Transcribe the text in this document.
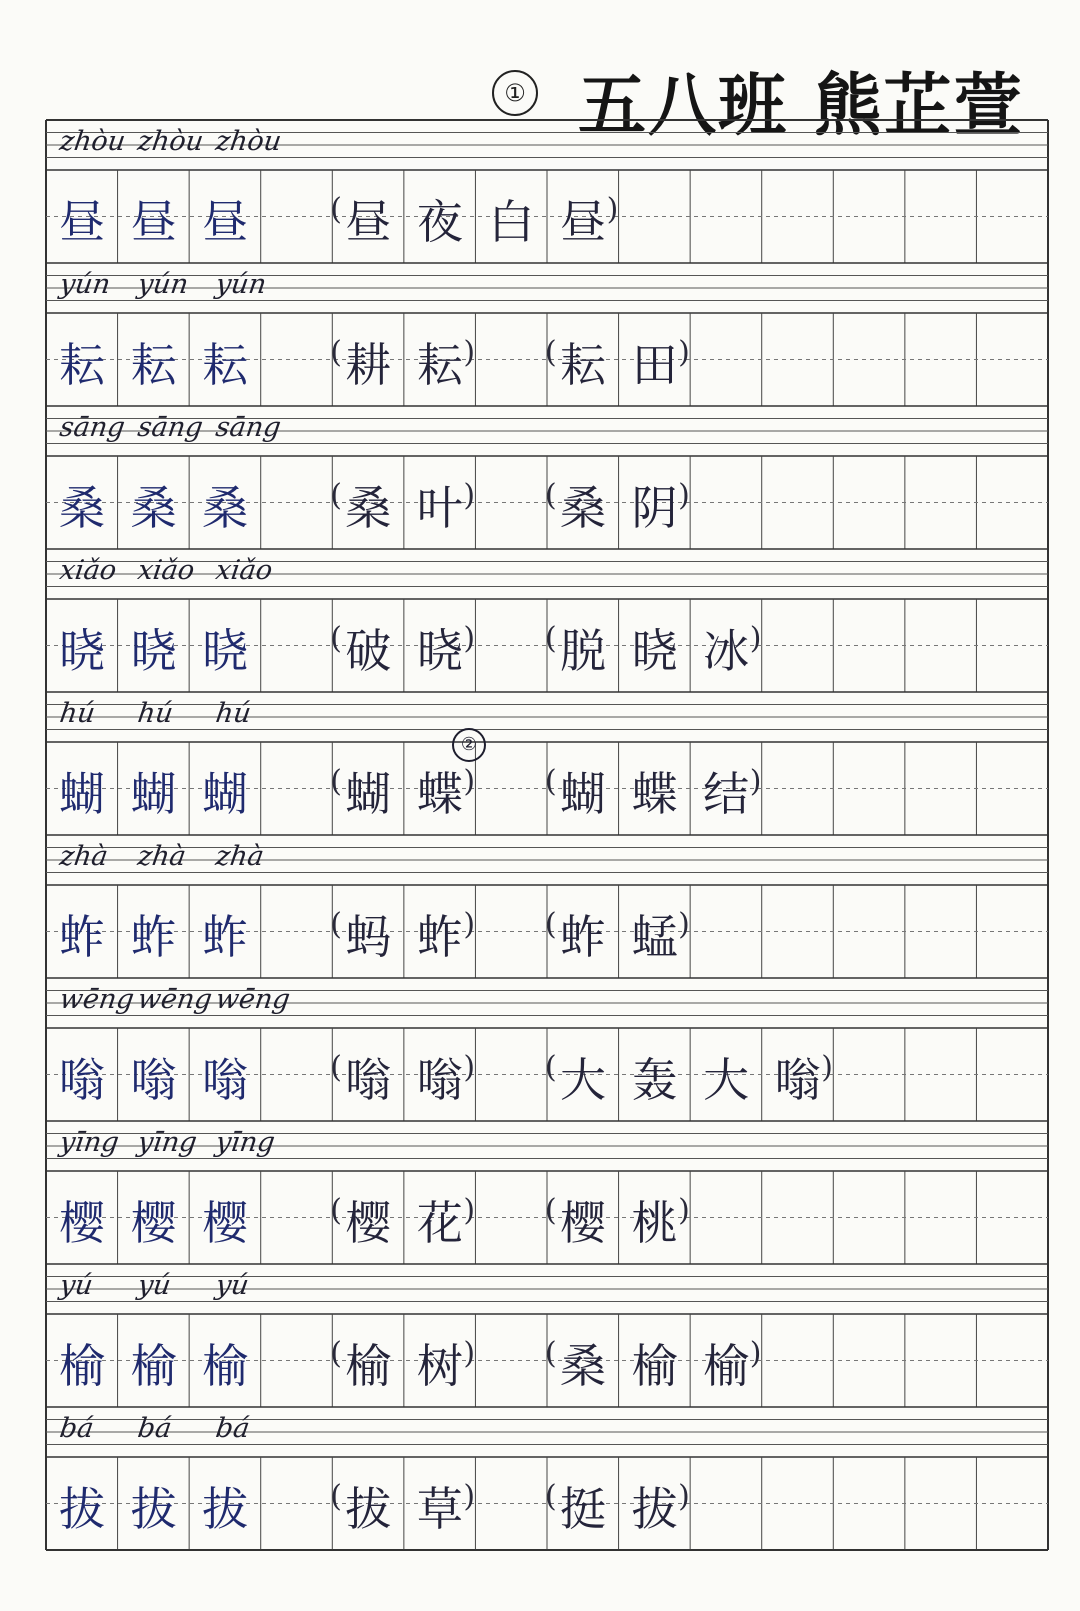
① 五八班 熊芷萱
zhòu zhòu zhòu
昼 昼 昼	( 昼 夜 白 昼 )
yún yún yún
耘 耘 耘	( 耕 耘 ) ( 耘 田 )
sāng sāng sāng
桑 桑 桑	( 桑 叶 ) ( 桑 阴 )
xiǎo xiǎo xiǎo
晓 晓 晓	( 破 晓 ) ( 脱 晓 冰 )
hú hú hú
蝴 蝴 蝴	( 蝴 蝶 ) ( 蝴 蝶 结 )
zhà zhà zhà
蚱 蚱 蚱	( 蚂 蚱 ) ( 蚱 蜢 )
wēng wēng wēng
嗡 嗡 嗡	( 嗡 嗡 ) ( 大 轰 大 嗡 )
yīng yīng yīng
樱 樱 樱	( 樱 花 ) ( 樱 桃 )
yú yú yú
榆 榆 榆	( 榆 树 ) ( 桑 榆 榆 )
bá bá bá
拔 拔 拔	( 拔 草 ) ( 挺 拔 )
②
